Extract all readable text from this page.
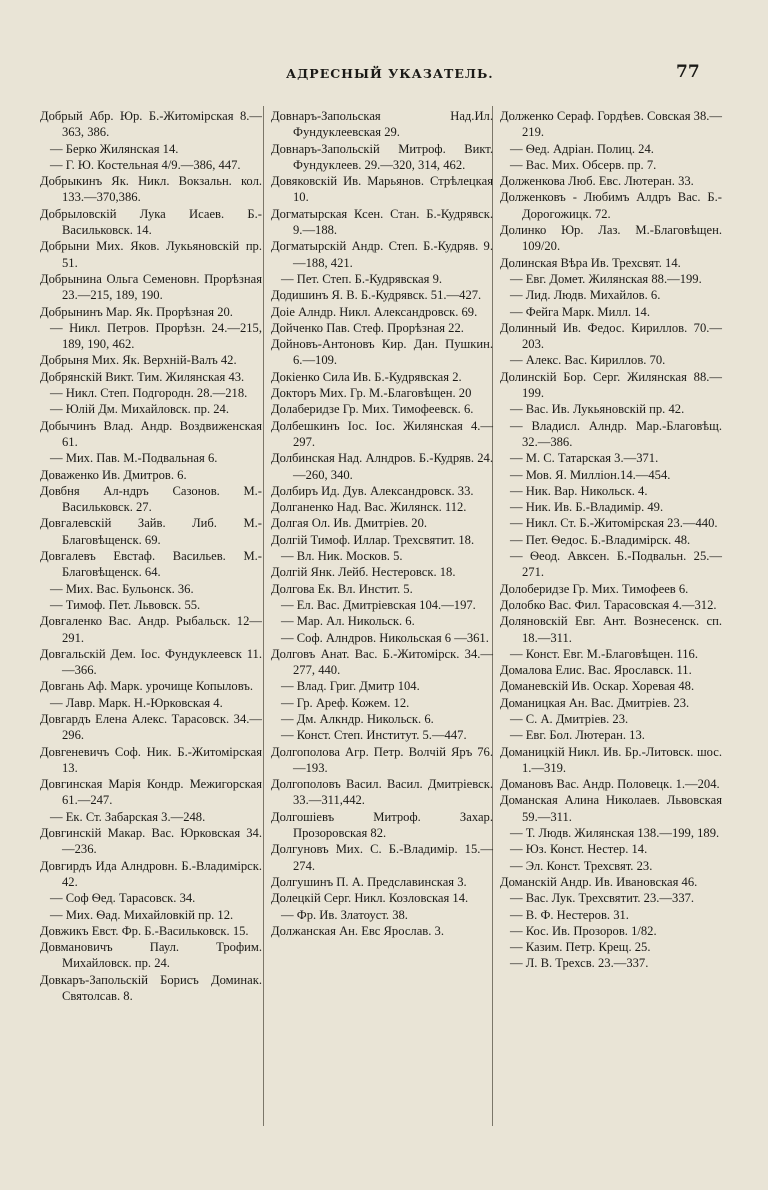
АДРЕСНЫЙ УКАЗАТЕЛЬ.	77

Добрый Абр. Юр. Б.-Житомірская 8.—363, 386.

— Берко Жилянская 14.

— Г. Ю. Костельная 4/9.—386, 447.

Добрыкинъ Як. Никл. Вокзальн. кол. 133.—370,386.

Добрыловскій Лука Исаев. Б.-Васильковск. 14.

Добрыни Мих. Яков. Лукьяновскій пр. 51.

Добрынина Ольга Семеновн. Прорѣзная 23.—215, 189, 190.

Добрынинъ Мар. Як. Прорѣзная 20.

— Никл. Петров. Прорѣзн. 24.—215, 189, 190, 462.

Добрыня Мих. Як. Верхній-Валъ 42.

Добрянскій Викт. Тим. Жилянская 43.

— Никл. Степ. Подгородн. 28.—218.

— Юлій Дм. Михайловск. пр. 24.

Добычинъ Влад. Андр. Воздвиженская 61.

— Мих. Пав. М.-Подвальная 6.

Доваженко Ив. Дмитров. 6.

Довбня Ал-ндръ Сазонов. М.-Васильковск. 27.

Довгалевскій Зайв. Либ. М.-Благовѣщенск. 69.

Довгалевъ Евстаф. Васильев. М.-Благовѣщенск. 64.

— Мих. Вас. Бульонск. 36.

— Тимоф. Пет. Львовск. 55.

Довгаленко Вас. Андр. Рыбальск. 12—291.

Довгальскій Дем. Іос. Фундуклеевск 11.—366.

Довгань Аф. Марк. урочище Копыловъ.

— Лавр. Марк. Н.-Юрковская 4.

Довгардъ Елена Алекс. Тарасовск. 34.—296.

Довгеневичъ Соф. Ник. Б.-Житомірская 13.

Довгинская Марія Кондр. Межигорская 61.—247.

— Ек. Ст. Забарская 3.—248.

Довгинскій Макар. Вас. Юрковская 34.—236.

Довгирдъ Ида Алндровн. Б.-Владимірск. 42.

— Соф Ѳед. Тарасовск. 34.

— Мих. Ѳад. Михайловкій пр. 12.

Довжикъ Евст. Фр. Б.-Васильковск. 15.

Довмановичъ Паул. Трофим. Михайловск. пр. 24.

Довкаръ-Запольскій Борисъ Доминак. Святолсав. 8.

Довнаръ-Запольская Над.Ил. Фундуклеевская 29.

Довнаръ-Запольскій Митроф. Викт. Фундуклеев. 29.—320, 314, 462.

Довяковскій Ив. Марьянов. Стрѣлецкая 10.

Догматырская Ксен. Стан. Б.-Кудрявск. 9.—188.

Догматырскій Андр. Степ. Б.-Кудряв. 9.—188, 421.

— Пет. Степ. Б.-Кудрявская 9.

Додишинъ Я. В. Б.-Кудрявск. 51.—427.

Доіе Алндр. Никл. Александровск. 69.

Дойченко Пав. Стеф. Прорѣзная 22.

Дойновъ-Антоновъ Кир. Дан. Пушкин. 6.—109.

Докіенко Сила Ив. Б.-Кудрявская 2.

Докторъ Мих. Гр. М.-Благовѣщен. 20

Долаберидзе Гр. Мих. Тимофеевск. 6.

Долбешкинъ Іос. Іос. Жилянская 4.—297.

Долбинская Над. Алндров. Б.-Кудряв. 24.—260, 340.

Долбиръ Ид. Дув. Александровск. 33.

Долганенко Над. Вас. Жилянск. 112.

Долгая Ол. Ив. Дмитріев. 20.

Долгій Тимоф. Иллар. Трехсвятит. 18.

— Вл. Ник. Москов. 5.

Долгій Янк. Лейб. Нестеровск. 18.

Долгова Ек. Вл. Инстит. 5.

— Ел. Вас. Дмитріевская 104.—197.

— Мар. Ал. Никольск. 6.

— Соф. Алндров. Никольская 6 —361.

Долговъ Анат. Вас. Б.-Житомірск. 34.—277, 440.

— Влад. Григ. Дмитр 104.

— Гр. Ареф. Кожем. 12.

— Дм. Алкндр. Никольск. 6.

— Конст. Степ. Институт. 5.—447.

Долгополова Агр. Петр. Волчій Яръ 76.—193.

Долгополовъ Васил. Васил. Дмитріевск. 33.—311,442.

Долгошіевъ Митроф. Захар. Прозоровская 82.

Долгуновъ Мих. С. Б.-Владимір. 15.—274.

Долгушинъ П. А. Предславинская 3.

Долецкій Серг. Никл. Козловская 14.

— Фр. Ив. Златоуст. 38.

Должанская Ан. Евс Ярослав. 3.

Долженко Сераф. Гордѣев. Совская 38.—219.

— Ѳед. Адріан. Полиц. 24.

— Вас. Мих. Обсерв. пр. 7.

Долженкова Люб. Евс. Лютеран. 33.

Долженковъ - Любимъ Алдръ Вас. Б.-Дорогожицк. 72.

Долинко Юр. Лаз. М.-Благовѣщен. 109/20.

Долинская Вѣра Ив. Трехсвят. 14.

— Евг. Домет. Жилянская 88.—199.

— Лид. Людв. Михайлов. 6.

— Фейга Марк. Милл. 14.

Долинный Ив. Федос. Кириллов. 70.—203.

— Алекс. Вас. Кириллов. 70.

Долинскій Бор. Серг. Жилянская 88.—199.

— Вас. Ив. Лукьяновскій пр. 42.

— Владисл. Алндр. Мар.-Благовѣщ. 32.—386.

— М. С. Татарская 3.—371.

— Мов. Я. Милліон.14.—454.

— Ник. Вар. Никольск. 4.

— Ник. Ив. Б.-Владимір. 49.

— Никл. Ст. Б.-Житомірская 23.—440.

— Пет. Ѳедос. Б.-Владимірск. 48.

— Ѳеод. Авксен. Б.-Подвальн. 25.—271.

Долоберидзе Гр. Мих. Тимофеев 6.

Долобко Вас. Фил. Тарасовская 4.—312.

Доляновскій Евг. Ант. Вознесенск. сп. 18.—311.

— Конст. Евг. М.-Благовѣщен. 116.

Домалова Елис. Вас. Ярославск. 11.

Доманевскій Ив. Оскар. Хоревая 48.

Доманицкая Ан. Вас. Дмитріев. 23.

— С. А. Дмитріев. 23.

— Евг. Бол. Лютеран. 13.

Доманицкій Никл. Ив. Бр.-Литовск. шос. 1.—319.

Домановъ Вас. Андр. Половецк. 1.—204.

Доманская Алина Николаев. Львовская 59.—311.

— Т. Людв. Жилянская 138.—199, 189.

— Юз. Конст. Нестер. 14.

— Эл. Конст. Трехсвят. 23.

Доманскій Андр. Ив. Ивановская 46.

— Вас. Лук. Трехсвятит. 23.—337.

— В. Ф. Нестеров. 31.

— Кос. Ив. Прозоров. 1/82.

— Казим. Петр. Крещ. 25.

— Л. В. Трехсв. 23.—337.
